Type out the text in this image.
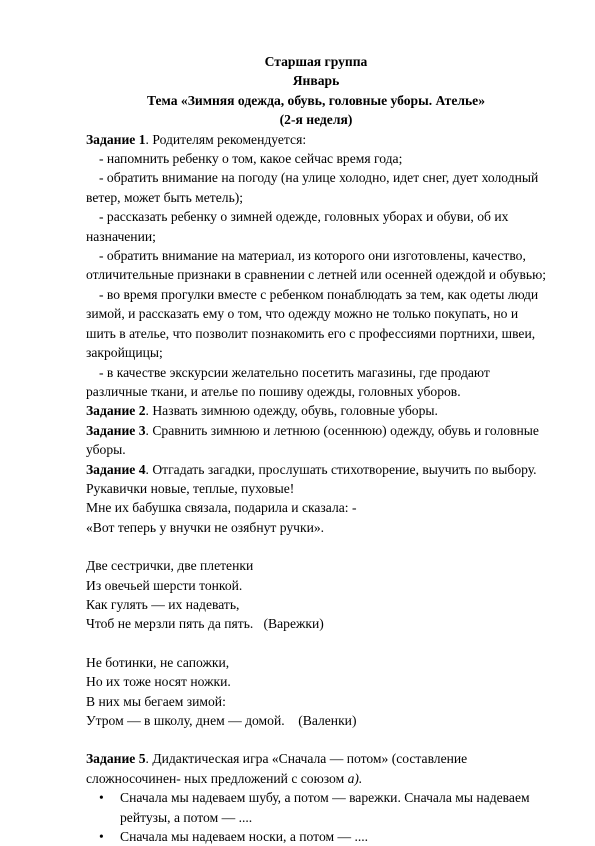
Старшая группа

Январь

Тема «Зимняя одежда, обувь, головные уборы. Ателье»

(2-я неделя)

Задание 1. Родителям рекомендуется:

- напомнить ребенку о том, какое сейчас время года;

- обратить внимание на погоду (на улице холодно, идет снег, дует холодный ветер, может быть метель);

- рассказать ребенку о зимней одежде, головных уборах и обуви, об их назначении;

- обратить внимание на материал, из которого они изготовлены, качество, отличительные признаки в сравнении с летней или осенней одеждой и обувью;

- во время прогулки вместе с ребенком понаблюдать за тем, как одеты люди зимой, и рассказать ему о том, что одежду можно не только покупать, но и шить в ателье, что позволит познакомить его с профессиями портнихи, швеи, закройщицы;

- в качестве экскурсии желательно посетить магазины, где продают различные ткани, и ателье по пошиву одежды, головных уборов.

Задание 2. Назвать зимнюю одежду, обувь, головные уборы.

Задание 3. Сравнить зимнюю и летнюю (осеннюю) одежду, обувь и головные уборы.

Задание 4. Отгадать загадки, прослушать стихотворение, выучить по выбору.

Рукавички новые, теплые, пуховые!

Мне их бабушка связала, подарила и сказала: -

«Вот теперь у внучки не озябнут ручки».

Две сестрички, две плетенки

Из овечьей шерсти тонкой.

Как гулять — их надевать,

Чтоб не мерзли пять да пять.   (Варежки)

Не ботинки, не сапожки,

Но их тоже носят ножки.

В них мы бегаем зимой:

Утром — в школу, днем — домой.    (Валенки)

Задание 5. Дидактическая игра «Сначала — потом» (составление сложносочинен- ных предложений с союзом а).

• Сначала мы надеваем шубу, а потом — варежки. Сначала мы надеваем рейтузы, а потом — ....
• Сначала мы надеваем носки, а потом — ....
